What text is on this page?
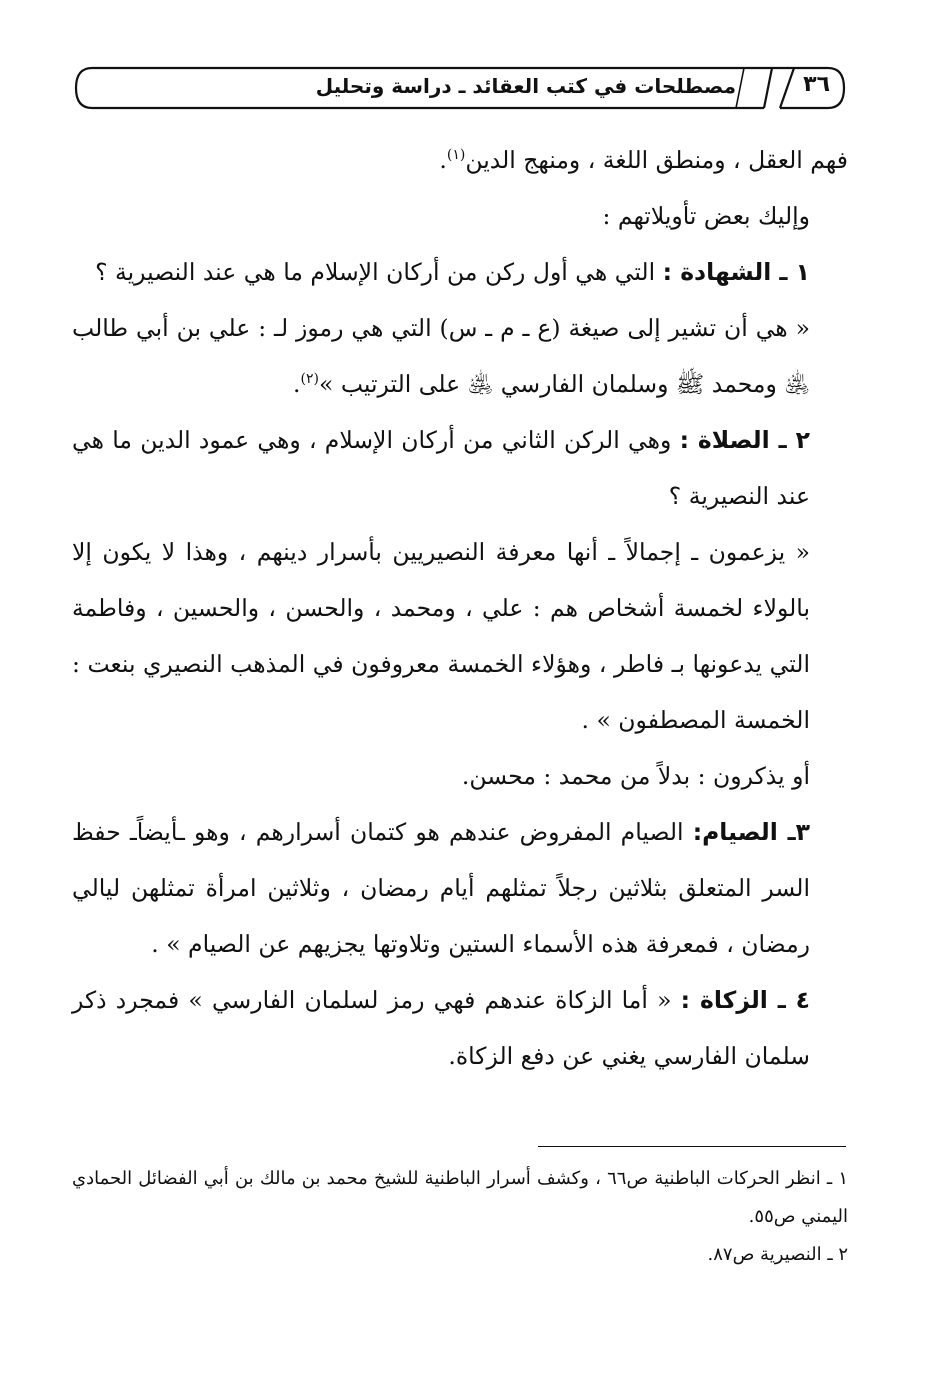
مصطلحات في كتب العقائد ـ دراسة وتحليل	٣٦

فهم العقل ، ومنطق اللغة ، ومنهج الدين$^{(١)}$.

وإليك بعض تأويلاتهم :

١ ـ الشهادة : التي هي أول ركن من أركان الإسلام ما هي عند النصيرية ؟

« هي أن تشير إلى صيغة (ع ـ م ـ س) التي هي رموز لـ : علي بن أبي طالب ﵁ ومحمد ﷺ وسلمان الفارسي ﵁ على الترتيب »$^{(٢)}$.

٢ ـ الصلاة : وهي الركن الثاني من أركان الإسلام ، وهي عمود الدين ما هي عند النصيرية ؟

« يزعمون ـ إجمالاً ـ أنها معرفة النصيريين بأسرار دينهم ، وهذا لا يكون إلا بالولاء لخمسة أشخاص هم : علي ، ومحمد ، والحسن ، والحسين ، وفاطمة التي يدعونها بـ فاطر ، وهؤلاء الخمسة معروفون في المذهب النصيري بنعت : الخمسة المصطفون » .

أو يذكرون : بدلاً من محمد : محسن.

٣ـ الصيام: الصيام المفروض عندهم هو كتمان أسرارهم ، وهو ـأيضاًـ حفظ السر المتعلق بثلاثين رجلاً تمثلهم أيام رمضان ، وثلاثين امرأة تمثلهن ليالي رمضان ، فمعرفة هذه الأسماء الستين وتلاوتها يجزيهم عن الصيام » .

٤ ـ الزكاة : « أما الزكاة عندهم فهي رمز لسلمان الفارسي » فمجرد ذكر سلمان الفارسي يغني عن دفع الزكاة.

١ ـ انظر الحركات الباطنية ص٦٦ ، وكشف أسرار الباطنية للشيخ محمد بن مالك بن أبي الفضائل الحمادي اليمني ص٥٥.

٢ ـ النصيرية ص٨٧.
